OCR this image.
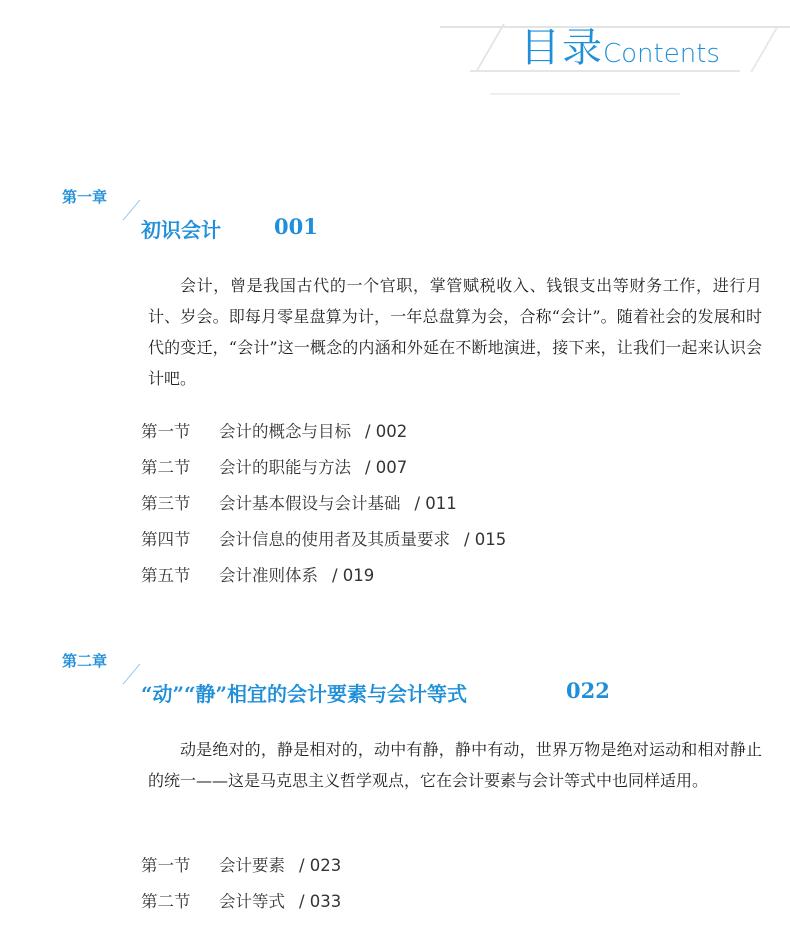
目录 Contents
第一章
初识会计	001
会计，曾是我国古代的一个官职，掌管赋税收入、钱银支出等财务工作，进行月计、岁会。即每月零星盘算为计，一年总盘算为会，合称“会计”。随着社会的发展和时代的变迁，“会计”这一概念的内涵和外延在不断地演进，接下来，让我们一起来认识会计吧。
第一节 会计的概念与目标 / 002
第二节 会计的职能与方法 / 007
第三节 会计基本假设与会计基础 / 011
第四节 会计信息的使用者及其质量要求 / 015
第五节 会计准则体系 / 019
第二章
“动”“静”相宜的会计要素与会计等式	022
动是绝对的，静是相对的，动中有静，静中有动，世界万物是绝对运动和相对静止的统一——这是马克思主义哲学观点，它在会计要素与会计等式中也同样适用。
第一节 会计要素 / 023
第二节 会计等式 / 033
